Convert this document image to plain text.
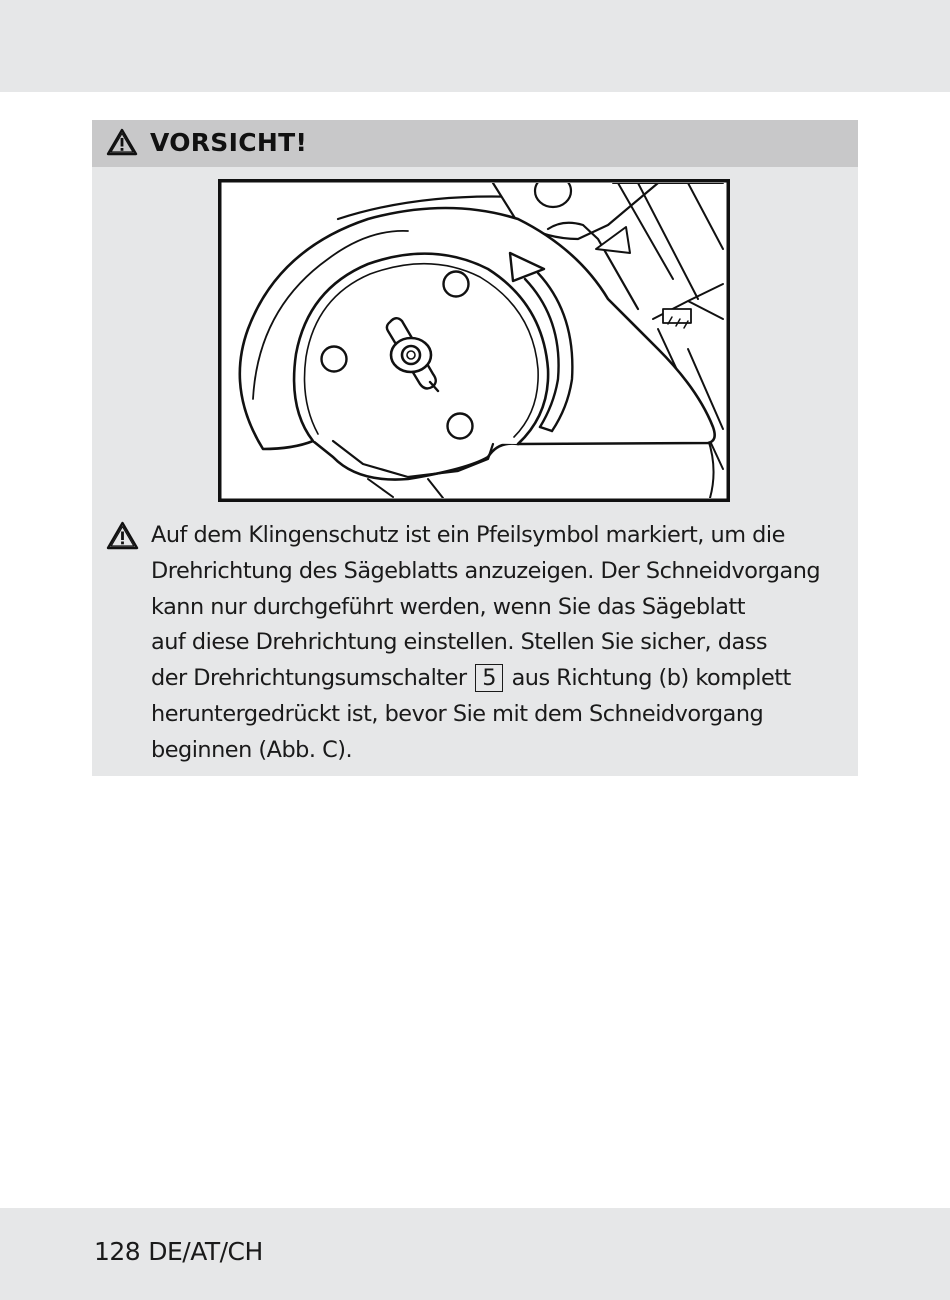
VORSICHT!
Auf dem Klingenschutz ist ein Pfeilsymbol markiert, um die
Drehrichtung des Sägeblatts anzuzeigen. Der Schneidvorgang
kann nur durchgeführt werden, wenn Sie das Sägeblatt
auf diese Drehrichtung einstellen. Stellen Sie sicher, dass
der Drehrichtungsumschalter 5 aus Richtung (b) komplett
heruntergedrückt ist, bevor Sie mit dem Schneidvorgang
beginnen (Abb. C).
128 DE/AT/CH
